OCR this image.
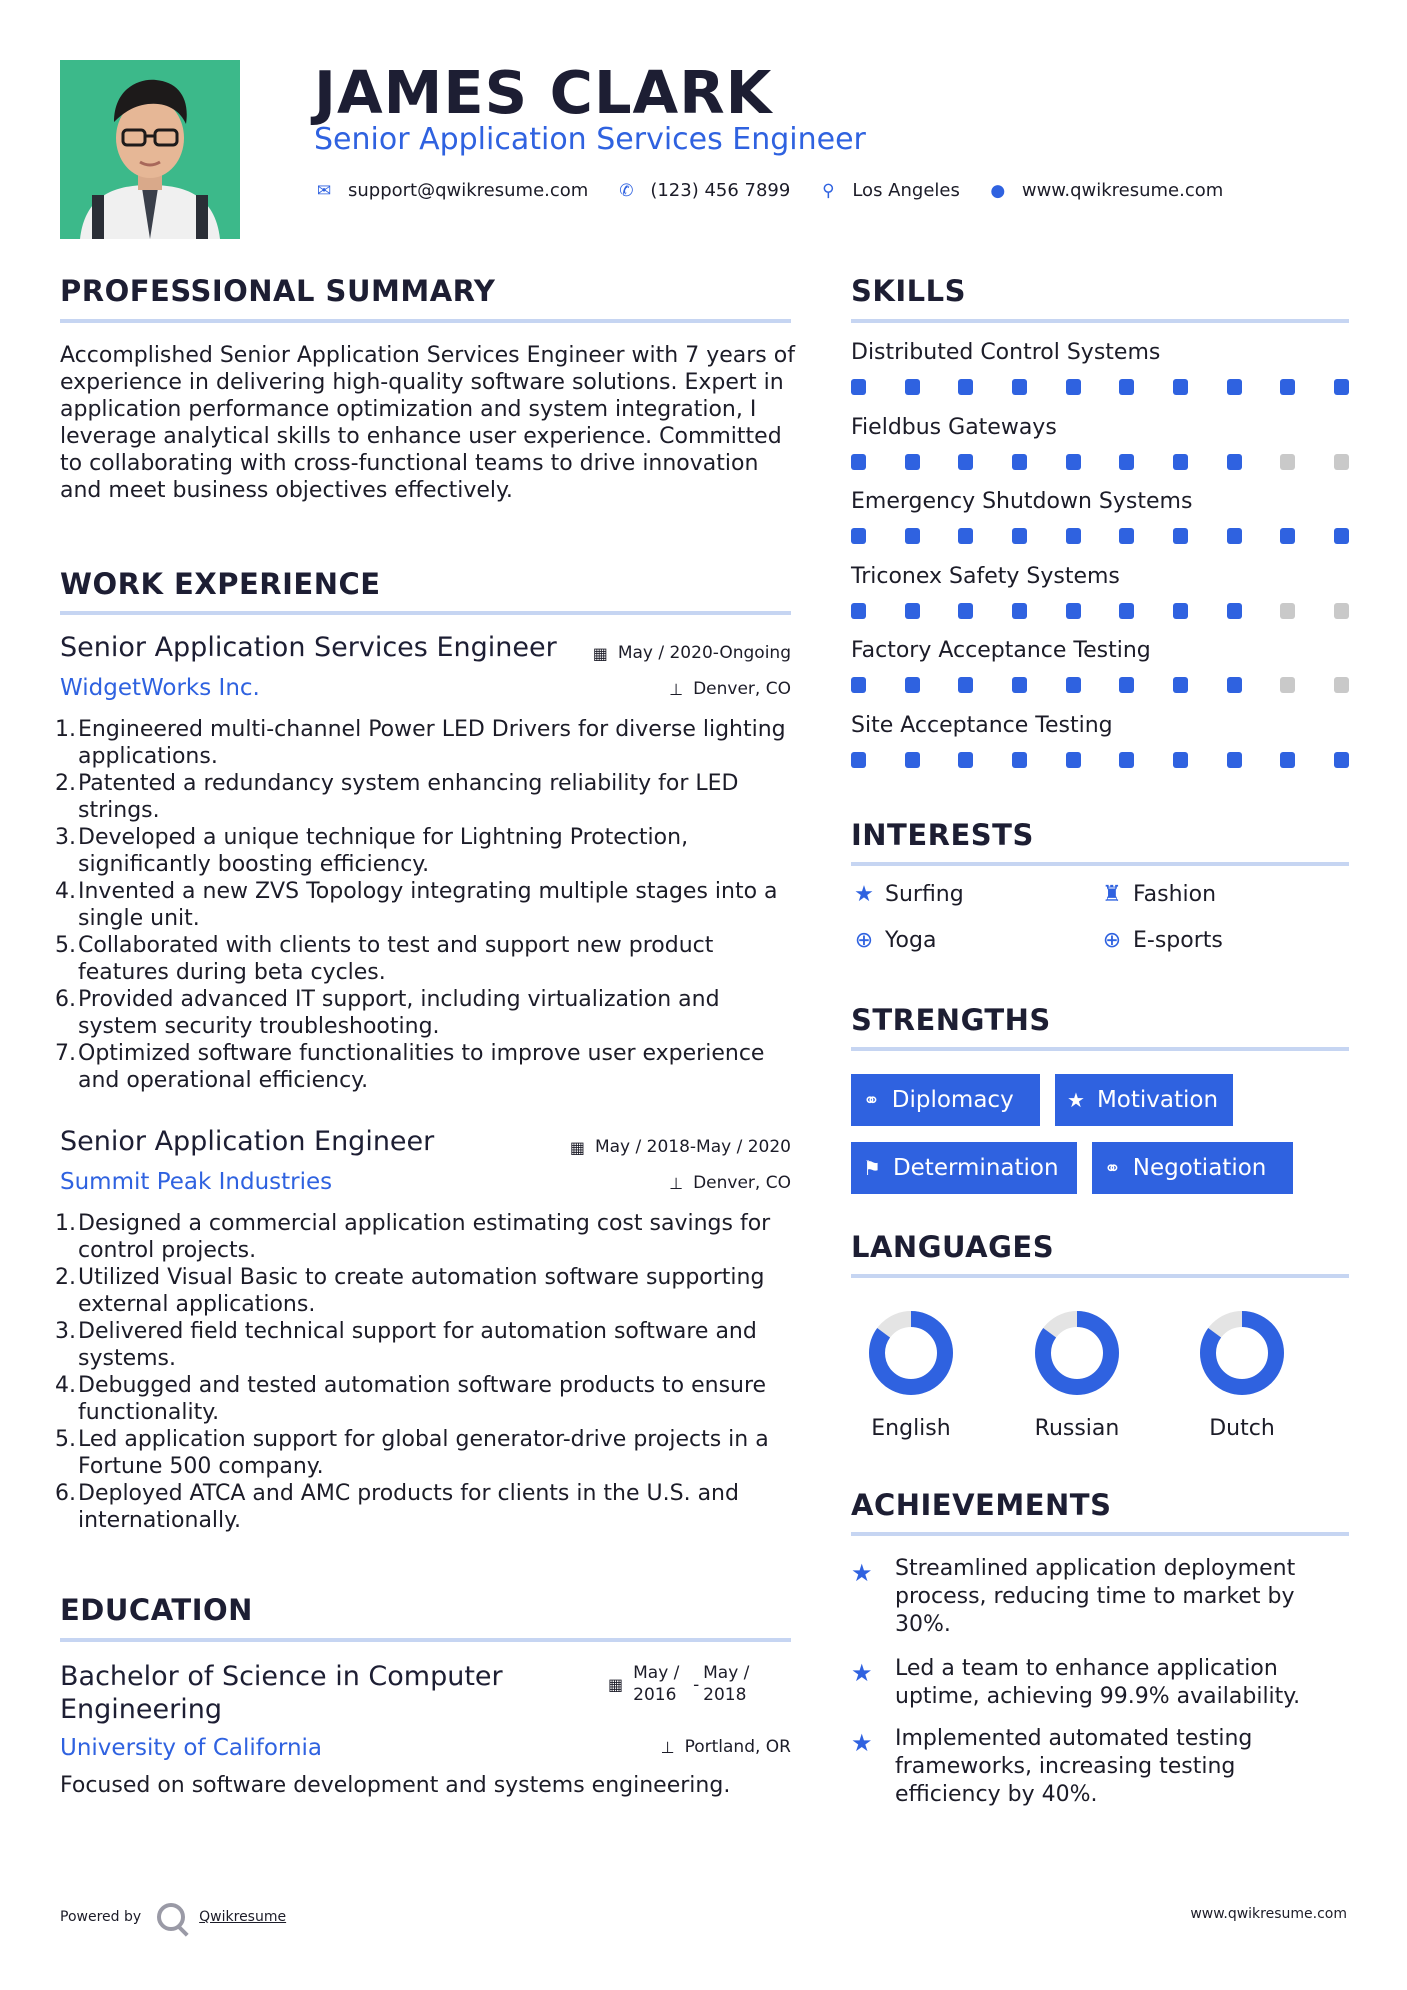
JAMES CLARK
Senior Application Services Engineer
✉ support@qwikresume.com ✆ (123) 456 7899 ⚲ Los Angeles ● www.qwikresume.com
PROFESSIONAL SUMMARY
Accomplished Senior Application Services Engineer with 7 years of experience in delivering high-quality software solutions. Expert in application performance optimization and system integration, I leverage analytical skills to enhance user experience. Committed to collaborating with cross-functional teams to drive innovation and meet business objectives effectively.
WORK EXPERIENCE
Senior Application Services Engineer ▦ May / 2020-Ongoing
WidgetWorks Inc.	⊥ Denver, CO
1. Engineered multi-channel Power LED Drivers for diverse lighting applications.
2. Patented a redundancy system enhancing reliability for LED strings.
3. Developed a unique technique for Lightning Protection, significantly boosting efficiency.
4. Invented a new ZVS Topology integrating multiple stages into a single unit.
5. Collaborated with clients to test and support new product features during beta cycles.
6. Provided advanced IT support, including virtualization and system security troubleshooting.
7. Optimized software functionalities to improve user experience and operational efficiency.
Senior Application Engineer	▦ May / 2018-May / 2020
Summit Peak Industries	⊥ Denver, CO
1. Designed a commercial application estimating cost savings for control projects.
2. Utilized Visual Basic to create automation software supporting external applications.
3. Delivered field technical support for automation software and systems.
4. Debugged and tested automation software products to ensure functionality.
5. Led application support for global generator-drive projects in a Fortune 500 company.
6. Deployed ATCA and AMC products for clients in the U.S. and internationally.
EDUCATION
Bachelor of Science in Computer Engineering
▦
May / 2016 -
May / 2018
University of California	⊥ Portland, OR
Focused on software development and systems engineering.
SKILLS
Distributed Control Systems
Fieldbus Gateways
Emergency Shutdown Systems
Triconex Safety Systems
Factory Acceptance Testing
Site Acceptance Testing
INTERESTS
★ Surfing	♜ Fashion
⊕ Yoga	⊕ E-sports
STRENGTHS
⚭ Diplomacy	★ Motivation
⚑ Determination ⚭ Negotiation
LANGUAGES
English	Russian	Dutch
ACHIEVEMENTS
★	Streamlined application deployment process, reducing time to market by 30%.
★	Led a team to enhance application uptime, achieving 99.9% availability.
★	Implemented automated testing frameworks, increasing testing efficiency by 40%.
Powered by	Qwikresume	www.qwikresume.com
